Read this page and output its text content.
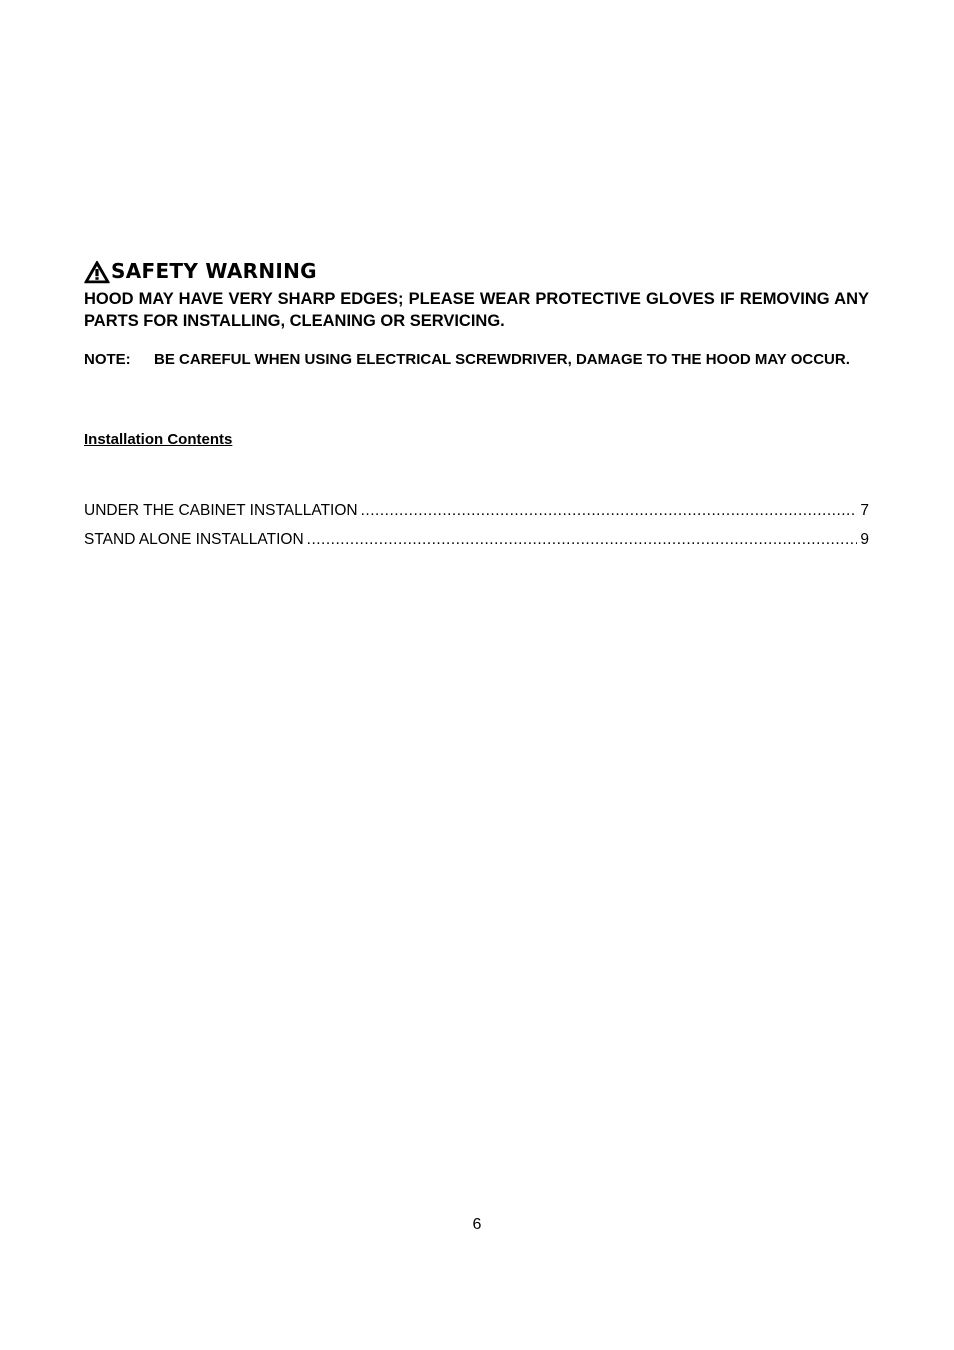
SAFETY WARNING
HOOD MAY HAVE VERY SHARP EDGES; PLEASE WEAR PROTECTIVE GLOVES IF REMOVING ANY PARTS FOR INSTALLING, CLEANING OR SERVICING.
NOTE: BE CAREFUL WHEN USING ELECTRICAL SCREWDRIVER, DAMAGE TO THE HOOD MAY OCCUR.
Installation Contents
UNDER THE CABINET INSTALLATION .....	7
STAND ALONE INSTALLATION .....	9
6
